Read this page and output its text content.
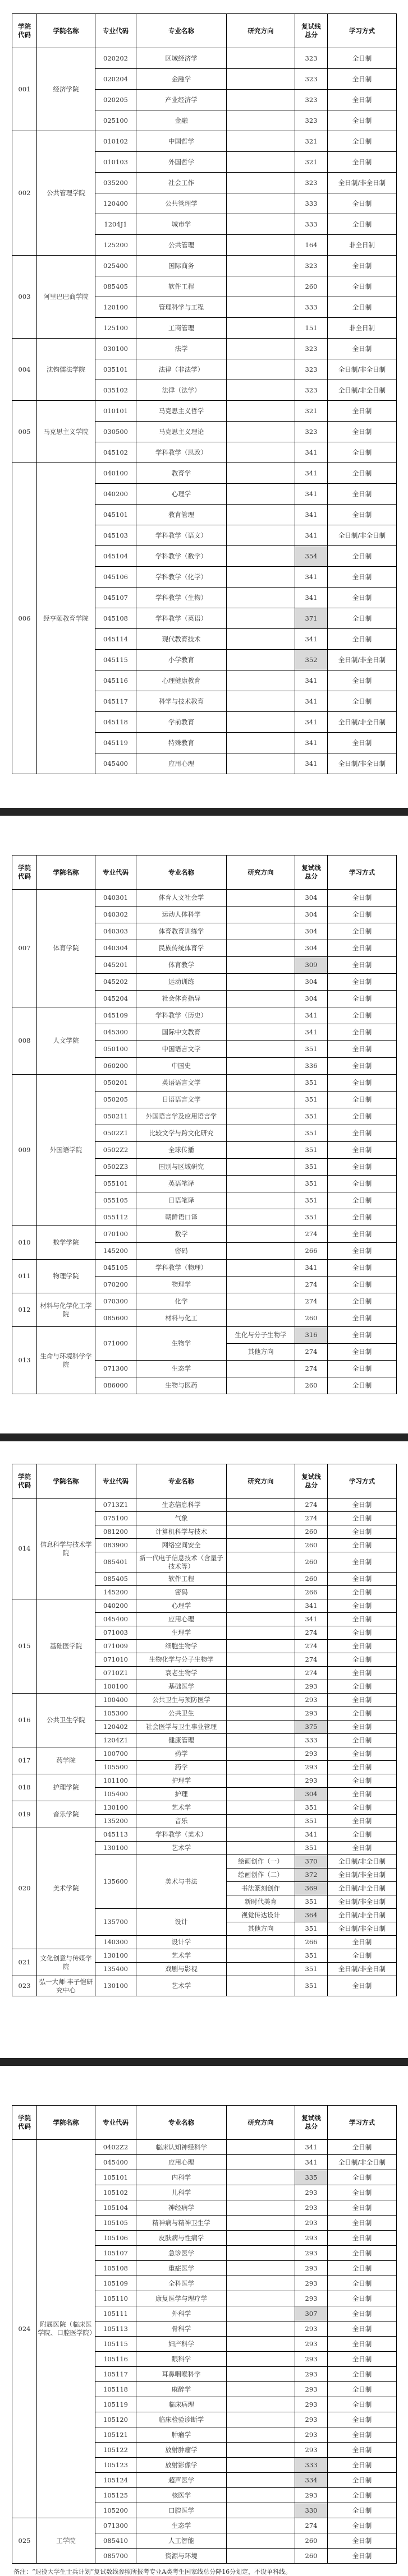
学院
代码	学院名称	专业代码	专业名称	研究方向	复试线
总分	学习方式
001	经济学院	020202	区域经济学		323	全日制
		020204	金融学		323	全日制
		020205	产业经济学		323	全日制
		025100	金融		323	全日制
002	公共管理学院	010102	中国哲学		321	全日制
		010103	外国哲学		321	全日制
		035200	社会工作		323	全日制/非全日制
		120400	公共管理学		333	全日制
		1204J1	城市学		333	全日制
		125200	公共管理		164	非全日制
003	阿里巴巴商学院	025400	国际商务		323	全日制
		085405	软件工程		260	全日制
		120100	管理科学与工程		333	全日制
		125100	工商管理		151	非全日制
004	沈钧儒法学院	030100	法学		323	全日制
		035101	法律（非法学）		323	全日制/非全日制
		035102	法律（法学）		323	全日制/非全日制
005	马克思主义学院	010101	马克思主义哲学		321	全日制
		030500	马克思主义理论		323	全日制
		045102	学科教学（思政）		341	全日制
006	经亨颐教育学院	040100	教育学		341	全日制
		040200	心理学		341	全日制
		045101	教育管理		341	全日制
		045103	学科教学（语文）		341	全日制/非全日制
		045104	学科教学（数学）		354	全日制
		045106	学科教学（化学）		341	全日制
		045107	学科教学（生物）		341	全日制
		045108	学科教学（英语）		371	全日制
		045114	现代教育技术		341	全日制
		045115	小学教育		352	全日制/非全日制
		045116	心理健康教育		341	全日制
		045117	科学与技术教育		341	全日制
		045118	学前教育		341	全日制/非全日制
		045119	特殊教育		341	全日制
		045400	应用心理		341	全日制/非全日制
学院
代码	学院名称	专业代码	专业名称	研究方向	复试线
总分	学习方式
007	体育学院	040301	体育人文社会学		304	全日制
		040302	运动人体科学		304	全日制
		040303	体育教育训练学		304	全日制
		040304	民族传统体育学		304	全日制
		045201	体育教学		309	全日制
		045202	运动训练		304	全日制
		045204	社会体育指导		304	全日制
008	人文学院	045109	学科教学（历史）		341	全日制
		045300	国际中文教育		341	全日制
		050100	中国语言文学		351	全日制
		060200	中国史		336	全日制
009	外国语学院	050201	英语语言文学		351	全日制
		050205	日语语言文学		351	全日制
		050211	外国语言学及应用语言学		351	全日制
		0502Z1	比较文学与跨文化研究		351	全日制
		0502Z2	全球传播		351	全日制
		0502Z3	国别与区域研究		351	全日制
		055101	英语笔译		351	全日制
		055105	日语笔译		351	全日制
		055112	朝鲜语口译		351	全日制
010	数学学院	070100	数学		274	全日制
		145200	密码		266	全日制
011	物理学院	045105	学科教学（物理）		341	全日制
		070200	物理学		274	全日制
012	材料与化学化工学院	070300	化学		274	全日制
		085600	材料与化工		260	全日制
013	生命与环境科学学院	071000	生物学	生化与分子生物学	316	全日制
				其他方向	274	全日制
		071300	生态学		274	全日制
		086000	生物与医药		260	全日制
学院
代码	学院名称	专业代码	专业名称	研究方向	复试线
总分	学习方式
014	信息科学与技术学院	0713Z1	生态信息科学		274	全日制
		075100	气象		274	全日制
		081200	计算机科学与技术		260	全日制
		083900	网络空间安全		260	全日制
		085401	新一代电子信息技术（含量子技术等）		260	全日制
		085405	软件工程		260	全日制
		145200	密码		266	全日制
015	基础医学院	040200	心理学		341	全日制
		045400	应用心理		341	全日制
		071003	生理学		274	全日制
		071009	细胞生物学		274	全日制
		071010	生物化学与分子生物学		274	全日制
		0710Z1	衰老生物学		274	全日制
		100100	基础医学		293	全日制
016	公共卫生学院	100400	公共卫生与预防医学		293	全日制
		105300	公共卫生		293	全日制
		120402	社会医学与卫生事业管理		375	全日制
		1204Z1	健康管理		333	全日制
017	药学院	100700	药学		293	全日制
		105500	药学		293	全日制
018	护理学院	101100	护理学		293	全日制
		105400	护理		304	全日制
019	音乐学院	130100	艺术学		351	全日制
		135200	音乐		351	全日制
020	美术学院	045113	学科教学（美术）		341	全日制
		130100	艺术学		351	全日制
		135600	美术与书法	绘画创作（一）	370	全日制/非全日制
				绘画创作（二）	372	全日制/非全日制
				书法篆刻创作	369	全日制/非全日制
				新时代美育	351	全日制/非全日制
		135700	设计	视觉传达设计	364	全日制/非全日制
				其他方向	351	全日制/非全日制
		140300	设计学		266	全日制
021	文化创意与传媒学院	130100	艺术学		351	全日制
		135400	戏剧与影视		351	全日制/非全日制
023	弘一大师·丰子恺研究中心	130100	艺术学		351	全日制
学院
代码	学院名称	专业代码	专业名称	研究方向	复试线
总分	学习方式
024	附属医院（临床医学院、口腔医学院）	0402Z2	临床认知神经科学		341	全日制
		045400	应用心理		341	全日制/非全日制
		105101	内科学		335	全日制
		105102	儿科学		293	全日制
		105104	神经病学		293	全日制
		105105	精神病与精神卫生学		293	全日制
		105106	皮肤病与性病学		293	全日制
		105107	急诊医学		293	全日制
		105108	重症医学		293	全日制
		105109	全科医学		293	全日制
		105110	康复医学与理疗学		293	全日制
		105111	外科学		307	全日制
		105113	骨科学		293	全日制
		105115	妇产科学		293	全日制
		105116	眼科学		293	全日制
		105117	耳鼻咽喉科学		293	全日制
		105118	麻醉学		293	全日制
		105119	临床病理		293	全日制
		105120	临床检验诊断学		293	全日制
		105121	肿瘤学		293	全日制
		105122	放射肿瘤学		293	全日制
		105123	放射影像学		333	全日制
		105124	超声医学		334	全日制
		105125	核医学		293	全日制
		105200	口腔医学		330	全日制
025	工学院	071300	生态学		274	全日制
		085410	人工智能		260	全日制
		085700	资源与环境		260	全日制
备注：“退役大学生士兵计划”复试数线参照所报考专业A类考生国家线总分降16分划定，不设单科线。
